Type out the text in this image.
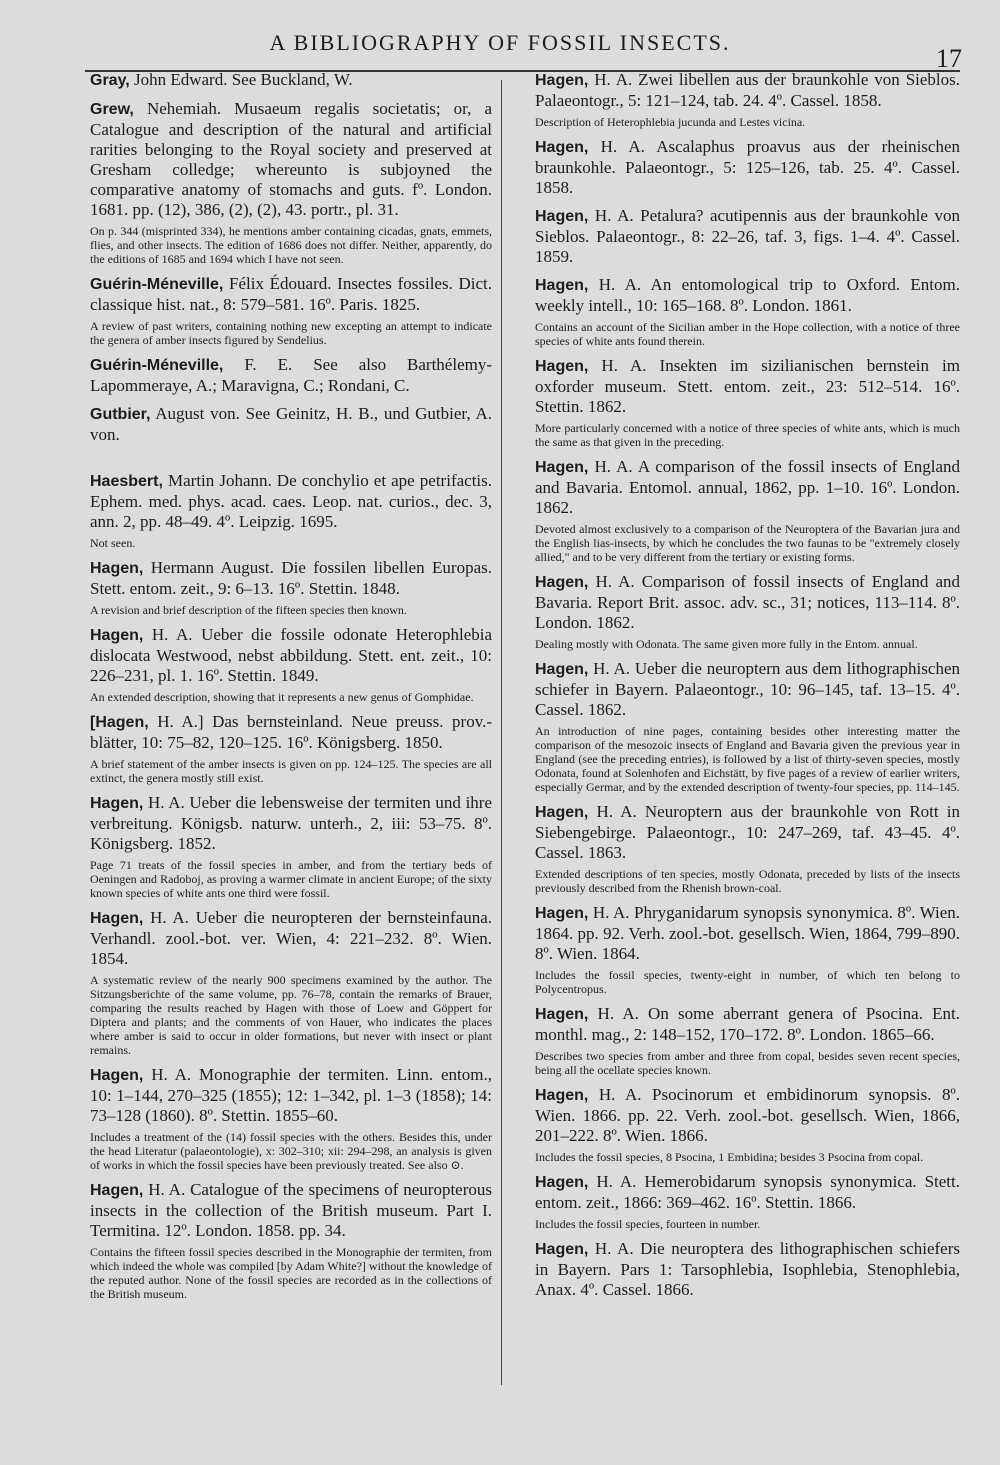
A BIBLIOGRAPHY OF FOSSIL INSECTS.
17

Gray, John Edward. See Buckland, W.

Grew, Nehemiah. Musaeum regalis societatis; or, a Catalogue and description of the natural and artificial rarities belonging to the Royal society and preserved at Gresham colledge; whereunto is subjoyned the comparative anatomy of stomachs and guts. fº. London. 1681. pp. (12), 386, (2), (2), 43. portr., pl. 31.

On p. 344 (misprinted 334), he mentions amber containing cicadas, gnats, emmets, flies, and other insects. The edition of 1686 does not differ. Neither, apparently, do the editions of 1685 and 1694 which I have not seen.

Guérin-Méneville, Félix Édouard. Insectes fossiles. Dict. classique hist. nat., 8: 579–581. 16º. Paris. 1825.

A review of past writers, containing nothing new excepting an attempt to indicate the genera of amber insects figured by Sendelius.

Guérin-Méneville, F. E. See also Barthélemy-Lapommeraye, A.; Maravigna, C.; Rondani, C.

Gutbier, August von. See Geinitz, H. B., und Gutbier, A. von.

Haesbert, Martin Johann. De conchylio et ape petrifactis. Ephem. med. phys. acad. caes. Leop. nat. curios., dec. 3, ann. 2, pp. 48–49. 4º. Leipzig. 1695.

Not seen.

Hagen, Hermann August. Die fossilen libellen Europas. Stett. entom. zeit., 9: 6–13. 16º. Stettin. 1848.

A revision and brief description of the fifteen species then known.

Hagen, H. A. Ueber die fossile odonate Heterophlebia dislocata Westwood, nebst abbildung. Stett. ent. zeit., 10: 226–231, pl. 1. 16º. Stettin. 1849.

An extended description, showing that it represents a new genus of Gomphidae.

[Hagen, H. A.] Das bernsteinland. Neue preuss. prov.-blätter, 10: 75–82, 120–125. 16º. Königsberg. 1850.

A brief statement of the amber insects is given on pp. 124–125. The species are all extinct, the genera mostly still exist.

Hagen, H. A. Ueber die lebensweise der termiten und ihre verbreitung. Königsb. naturw. unterh., 2, iii: 53–75. 8º. Königsberg. 1852.

Page 71 treats of the fossil species in amber, and from the tertiary beds of Oeningen and Radoboj, as proving a warmer climate in ancient Europe; of the sixty known species of white ants one third were fossil.

Hagen, H. A. Ueber die neuropteren der bernsteinfauna. Verhandl. zool.-bot. ver. Wien, 4: 221–232. 8º. Wien. 1854.

A systematic review of the nearly 900 specimens examined by the author. The Sitzungsberichte of the same volume, pp. 76–78, contain the remarks of Brauer, comparing the results reached by Hagen with those of Loew and Göppert for Diptera and plants; and the comments of von Hauer, who indicates the places where amber is said to occur in older formations, but never with insect or plant remains.

Hagen, H. A. Monographie der termiten. Linn. entom., 10: 1–144, 270–325 (1855); 12: 1–342, pl. 1–3 (1858); 14: 73–128 (1860). 8º. Stettin. 1855–60.

Includes a treatment of the (14) fossil species with the others. Besides this, under the head Literatur (palaeontologie), x: 302–310; xii: 294–298, an analysis is given of works in which the fossil species have been previously treated. See also ⊙.

Hagen, H. A. Catalogue of the specimens of neuropterous insects in the collection of the British museum. Part I. Termitina. 12º. London. 1858. pp. 34.

Contains the fifteen fossil species described in the Monographie der termiten, from which indeed the whole was compiled [by Adam White?] without the knowledge of the reputed author. None of the fossil species are recorded as in the collections of the British museum.

Hagen, H. A. Zwei libellen aus der braunkohle von Sieblos. Palaeontogr., 5: 121–124, tab. 24. 4º. Cassel. 1858.

Description of Heterophlebia jucunda and Lestes vicina.

Hagen, H. A. Ascalaphus proavus aus der rheinischen braunkohle. Palaeontogr., 5: 125–126, tab. 25. 4º. Cassel. 1858.

Hagen, H. A. Petalura? acutipennis aus der braunkohle von Sieblos. Palaeontogr., 8: 22–26, taf. 3, figs. 1–4. 4º. Cassel. 1859.

Hagen, H. A. An entomological trip to Oxford. Entom. weekly intell., 10: 165–168. 8º. London. 1861.

Contains an account of the Sicilian amber in the Hope collection, with a notice of three species of white ants found therein.

Hagen, H. A. Insekten im sizilianischen bernstein im oxforder museum. Stett. entom. zeit., 23: 512–514. 16º. Stettin. 1862.

More particularly concerned with a notice of three species of white ants, which is much the same as that given in the preceding.

Hagen, H. A. A comparison of the fossil insects of England and Bavaria. Entomol. annual, 1862, pp. 1–10. 16º. London. 1862.

Devoted almost exclusively to a comparison of the Neuroptera of the Bavarian jura and the English lias-insects, by which he concludes the two faunas to be "extremely closely allied," and to be very different from the tertiary or existing forms.

Hagen, H. A. Comparison of fossil insects of England and Bavaria. Report Brit. assoc. adv. sc., 31; notices, 113–114. 8º. London. 1862.

Dealing mostly with Odonata. The same given more fully in the Entom. annual.

Hagen, H. A. Ueber die neuroptern aus dem lithographischen schiefer in Bayern. Palaeontogr., 10: 96–145, taf. 13–15. 4º. Cassel. 1862.

An introduction of nine pages, containing besides other interesting matter the comparison of the mesozoic insects of England and Bavaria given the previous year in England (see the preceding entries), is followed by a list of thirty-seven species, mostly Odonata, found at Solenhofen and Eichstätt, by five pages of a review of earlier writers, especially Germar, and by the extended description of twenty-four species, pp. 114–145.

Hagen, H. A. Neuroptern aus der braunkohle von Rott in Siebengebirge. Palaeontogr., 10: 247–269, taf. 43–45. 4º. Cassel. 1863.

Extended descriptions of ten species, mostly Odonata, preceded by lists of the insects previously described from the Rhenish brown-coal.

Hagen, H. A. Phryganidarum synopsis synonymica. 8º. Wien. 1864. pp. 92. Verh. zool.-bot. gesellsch. Wien, 1864, 799–890. 8º. Wien. 1864.

Includes the fossil species, twenty-eight in number, of which ten belong to Polycentropus.

Hagen, H. A. On some aberrant genera of Psocina. Ent. monthl. mag., 2: 148–152, 170–172. 8º. London. 1865–66.

Describes two species from amber and three from copal, besides seven recent species, being all the ocellate species known.

Hagen, H. A. Psocinorum et embidinorum synopsis. 8º. Wien. 1866. pp. 22. Verh. zool.-bot. gesellsch. Wien, 1866, 201–222. 8º. Wien. 1866.

Includes the fossil species, 8 Psocina, 1 Embidina; besides 3 Psocina from copal.

Hagen, H. A. Hemerobidarum synopsis synonymica. Stett. entom. zeit., 1866: 369–462. 16º. Stettin. 1866.

Includes the fossil species, fourteen in number.

Hagen, H. A. Die neuroptera des lithographischen schiefers in Bayern. Pars 1: Tarsophlebia, Isophlebia, Stenophlebia, Anax. 4º. Cassel. 1866.
